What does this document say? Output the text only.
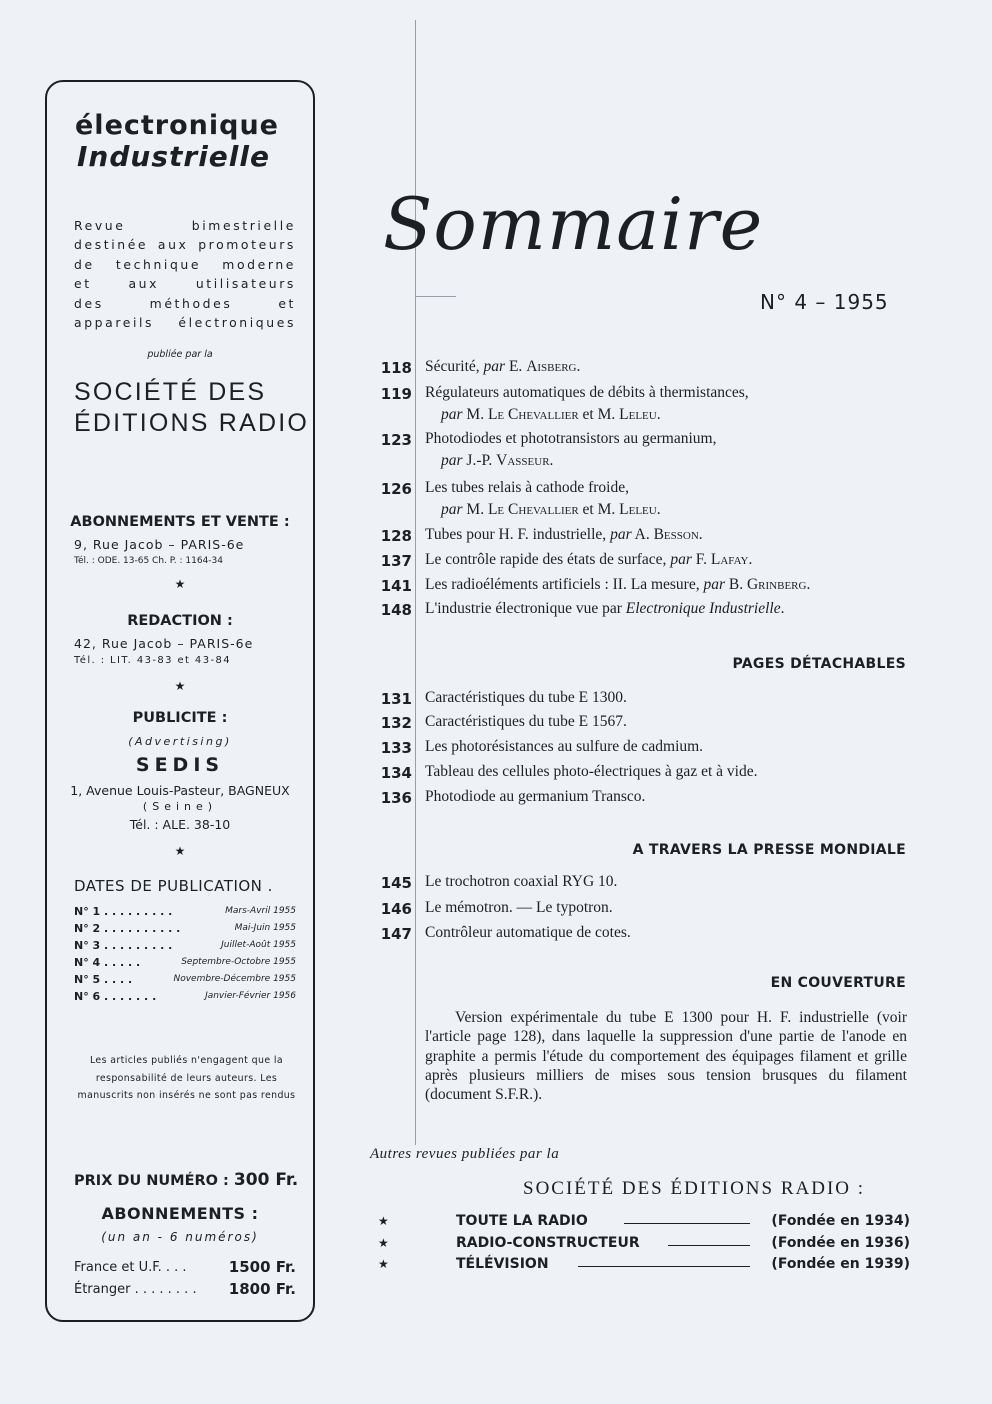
électronique
Industrielle
Revue bimestrielle
destinée aux promoteurs
de technique moderne
et aux utilisateurs
des méthodes et
appareils électroniques
publiée par la
SOCIÉTÉ DES
ÉDITIONS RADIO
ABONNEMENTS ET VENTE :
9, Rue Jacob – PARIS-6e
Tél. : ODE. 13-65 Ch. P. : 1164-34
★
REDACTION :
42, Rue Jacob – PARIS-6e
Tél. : LIT. 43-83 et 43-84
★
PUBLICITE :
(Advertising)
SEDIS
1, Avenue Louis-Pasteur, BAGNEUX
(Seine)
Tél. : ALE. 38-10
★
DATES DE PUBLICATION .
N° 1 . . . . . . . . .	Mars-Avril 1955
N° 2 . . . . . . . . . .	Mai-Juin 1955
N° 3 . . . . . . . . .	Juillet-Août 1955
N° 4 . . . . .	Septembre-Octobre 1955
N° 5 . . . .	Novembre-Décembre 1955
N° 6 . . . . . . .	Janvier-Février 1956
Les articles publiés n'engagent que la responsabilité de leurs auteurs. Les manuscrits non insérés ne sont pas rendus
PRIX DU NUMÉRO : 300 Fr.
ABONNEMENTS :
(un an - 6 numéros)
France et U.F. . . .	1500 Fr.
Étranger . . . . . . . . 1800 Fr.
Sommaire
N° 4 – 1955
118 Sécurité, par E. Aisberg.
119 Régulateurs automatiques de débits à thermistances,
par M. Le Chevallier et M. Leleu.
123 Photodiodes et phototransistors au germanium,
par J.-P. Vasseur.
126 Les tubes relais à cathode froide,
par M. Le Chevallier et M. Leleu.
128 Tubes pour H. F. industrielle, par A. Besson.
137 Le contrôle rapide des états de surface, par F. Lafay.
141 Les radioéléments artificiels : II. La mesure, par B. Grinberg.
148 L'industrie électronique vue par Electronique Industrielle.
PAGES DÉTACHABLES
131 Caractéristiques du tube E 1300.
132 Caractéristiques du tube E 1567.
133 Les photorésistances au sulfure de cadmium.
134 Tableau des cellules photo-électriques à gaz et à vide.
136 Photodiode au germanium Transco.
A TRAVERS LA PRESSE MONDIALE
145 Le trochotron coaxial RYG 10.
146 Le mémotron. — Le typotron.
147 Contrôleur automatique de cotes.
EN COUVERTURE
Version expérimentale du tube E 1300 pour H. F. industrielle (voir l'article page 128), dans laquelle la suppression d'une partie de l'anode en graphite a permis l'étude du comportement des équipages filament et grille après plusieurs milliers de mises sous tension brusques du filament (document S.F.R.).
Autres revues publiées par la
SOCIÉTÉ DES ÉDITIONS RADIO :
★	TOUTE LA RADIO	(Fondée en 1934)
★	RADIO-CONSTRUCTEUR	(Fondée en 1936)
★	TÉLÉVISION	(Fondée en 1939)
